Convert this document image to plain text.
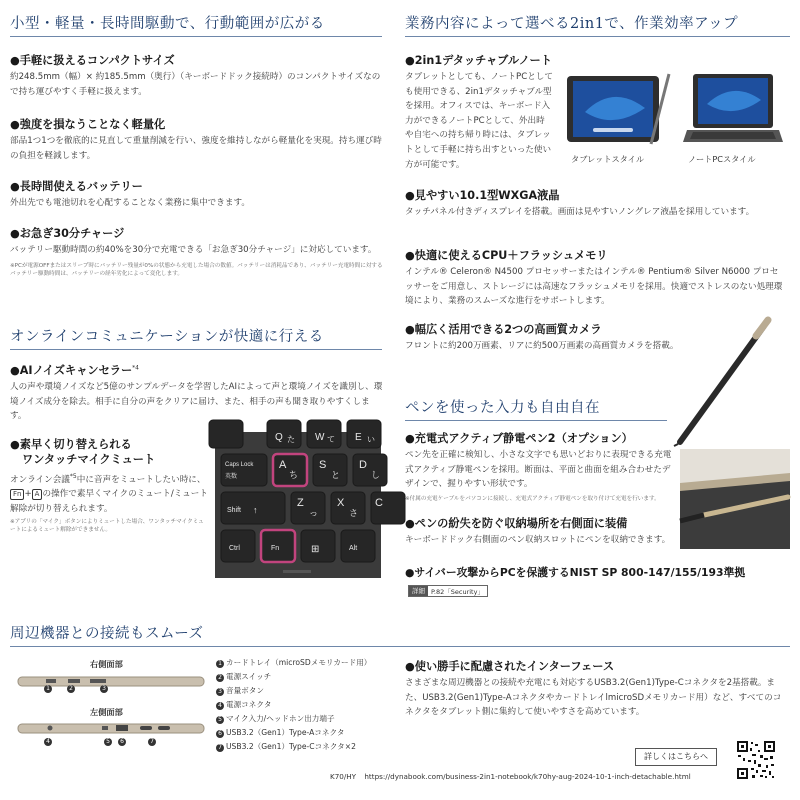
小型・軽量・長時間駆動で、行動範囲が広がる
●手軽に扱えるコンパクトサイズ
約248.5mm（幅）× 約185.5mm（奥行）（キーボードドック接続時）のコンパクトサイズなので持ち運びやすく手軽に扱えます。
●強度を損なうことなく軽量化
部品1つ1つを徹底的に見直して重量削減を行い、強度を維持しながら軽量化を実現。持ち運び時の負担を軽減します。
●長時間使えるバッテリー
外出先でも電池切れを心配することなく業務に集中できます。
●お急ぎ30分チャージ
バッテリー駆動時間の約40%を30分で充電できる「お急ぎ30分チャージ」に対応しています。
※PCが電源OFFまたはスリープ時にバッテリー残量が0%の状態から充電した場合の数値。バッテリーは消耗品であり、バッテリー充電時間に対するバッテリー駆動時間は、バッテリーの経年劣化によって変化します。
オンラインコミュニケーションが快適に行える
●AIノイズキャンセラー$^{*4}$
人の声や環境ノイズなど5億のサンプルデータを学習したAIによって声と環境ノイズを識別し、環境ノイズ成分を除去。相手に自分の声をクリアに届け、また、相手の声も聞き取りやすくします。
●素早く切り替えられる
ワンタッチマイクミュート
オンライン会議$^{*5}$中に音声をミュートしたい時に、Fn + A の操作で素早くマイクのミュート/ミュート解除が切り替えられます。
※アプリの「マイク」ボタンによりミュートした場合、ワンタッチマイクミュートによるミュート解除ができません。
Q た W て E い
Caps Lock
英数
A
ち
S
と
D
し
Shift ↑
Z
っ
X
さ
C
Ctrl	Fn	⊞	Alt
業務内容によって選べる2in1で、作業効率アップ
●2in1デタッチャブルノート
タブレットとしても、ノートPCとしても使用できる、2in1デタッチャブル型を採用。オフィスでは、キーボード入力ができるノートPCとして、外出時や自宅への持ち帰り時には、タブレットとして手軽に持ち出すといった使い方が可能です。
タブレットスタイル	ノートPCスタイル
●見やすい10.1型WXGA液晶
タッチパネル付きディスプレイを搭載。画面は見やすいノングレア液晶を採用しています。
●快適に使えるCPU＋フラッシュメモリ
インテル® Celeron® N4500 プロセッサーまたはインテル® Pentium® Silver N6000 プロセッサーをご用意し、ストレージには高速なフラッシュメモリを採用。快適でストレスのない処理環境により、業務のスムーズな進行をサポートします。
●幅広く活用できる2つの高画質カメラ
フロントに約200万画素、リアに約500万画素の高画質カメラを搭載。
ペンを使った入力も自由自在
●充電式アクティブ静電ペン2（オプション）
ペン先を正確に検知し、小さな文字でも思いどおりに表現できる充電式アクティブ静電ペンを採用。断面は、平面と曲面を組み合わせたデザインで、握りやすい形状です。
※付属の充電ケーブルをパソコンに接続し、充電式アクティブ静電ペンを取り付けて充電を行います。
●ペンの紛失を防ぐ収納場所を右側面に装備
キーボードドック右側面のペン収納スロットにペンを収納できます。
●サイバー攻撃からPCを保護するNIST SP 800-147/155/193準拠
詳細 P.82「Security」
周辺機器との接続もスムーズ
右側面部
左側面部
1	2	3
4	5	6	7
1 カードトレイ（microSDメモリカード用）
2 電源スイッチ
3 音量ボタン
4 電源コネクタ
5 マイク入力/ヘッドホン出力端子
6 USB3.2（Gen1）Type-Aコネクタ
7 USB3.2（Gen1）Type-Cコネクタ×2
●使い勝手に配慮されたインターフェース
さまざまな周辺機器との接続や充電にも対応するUSB3.2(Gen1)Type-Cコネクタを2基搭載。また、USB3.2(Gen1)Type-AコネクタやカードトレイlmicroSDメモリカード用）など、すべてのコネクタをタブレット側に集約して使いやすさを高めています。
詳しくはこちらへ
K70/HY https://dynabook.com/business-2in1-notebook/k70hy-aug-2024-10-1-inch-detachable.html
